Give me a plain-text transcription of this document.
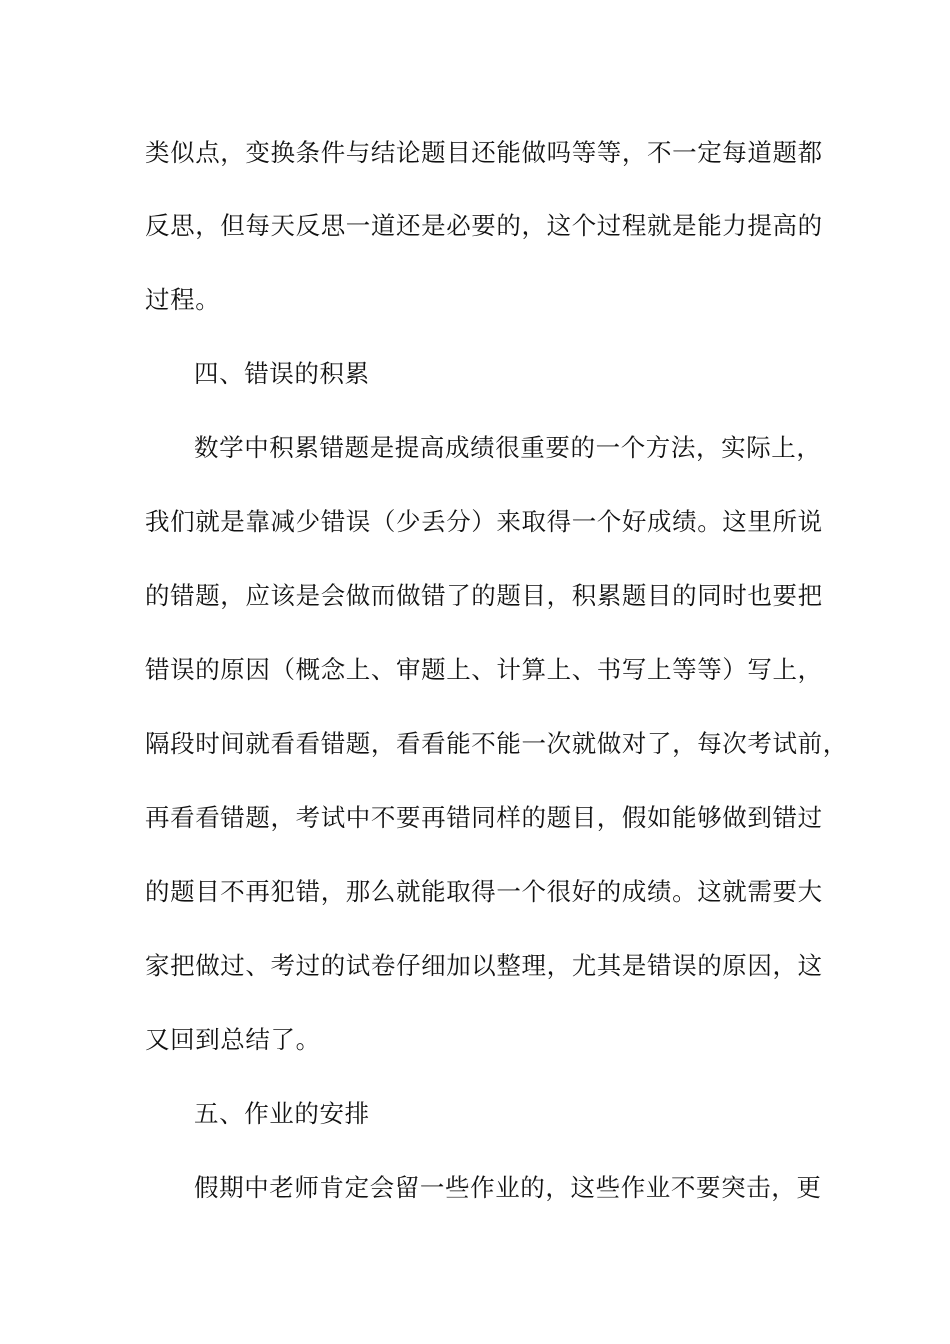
类似点，变换条件与结论题目还能做吗等等，不一定每道题都
反思，但每天反思一道还是必要的，这个过程就是能力提高的
过程。
四、错误的积累
数学中积累错题是提高成绩很重要的一个方法，实际上，
我们就是靠减少错误（少丢分）来取得一个好成绩。这里所说
的错题，应该是会做而做错了的题目，积累题目的同时也要把
错误的原因（概念上、审题上、计算上、书写上等等）写上，
隔段时间就看看错题，看看能不能一次就做对了，每次考试前，
再看看错题，考试中不要再错同样的题目，假如能够做到错过
的题目不再犯错，那么就能取得一个很好的成绩。这就需要大
家把做过、考过的试卷仔细加以整理，尤其是错误的原因，这
又回到总结了。
五、作业的安排
假期中老师肯定会留一些作业的，这些作业不要突击，更
